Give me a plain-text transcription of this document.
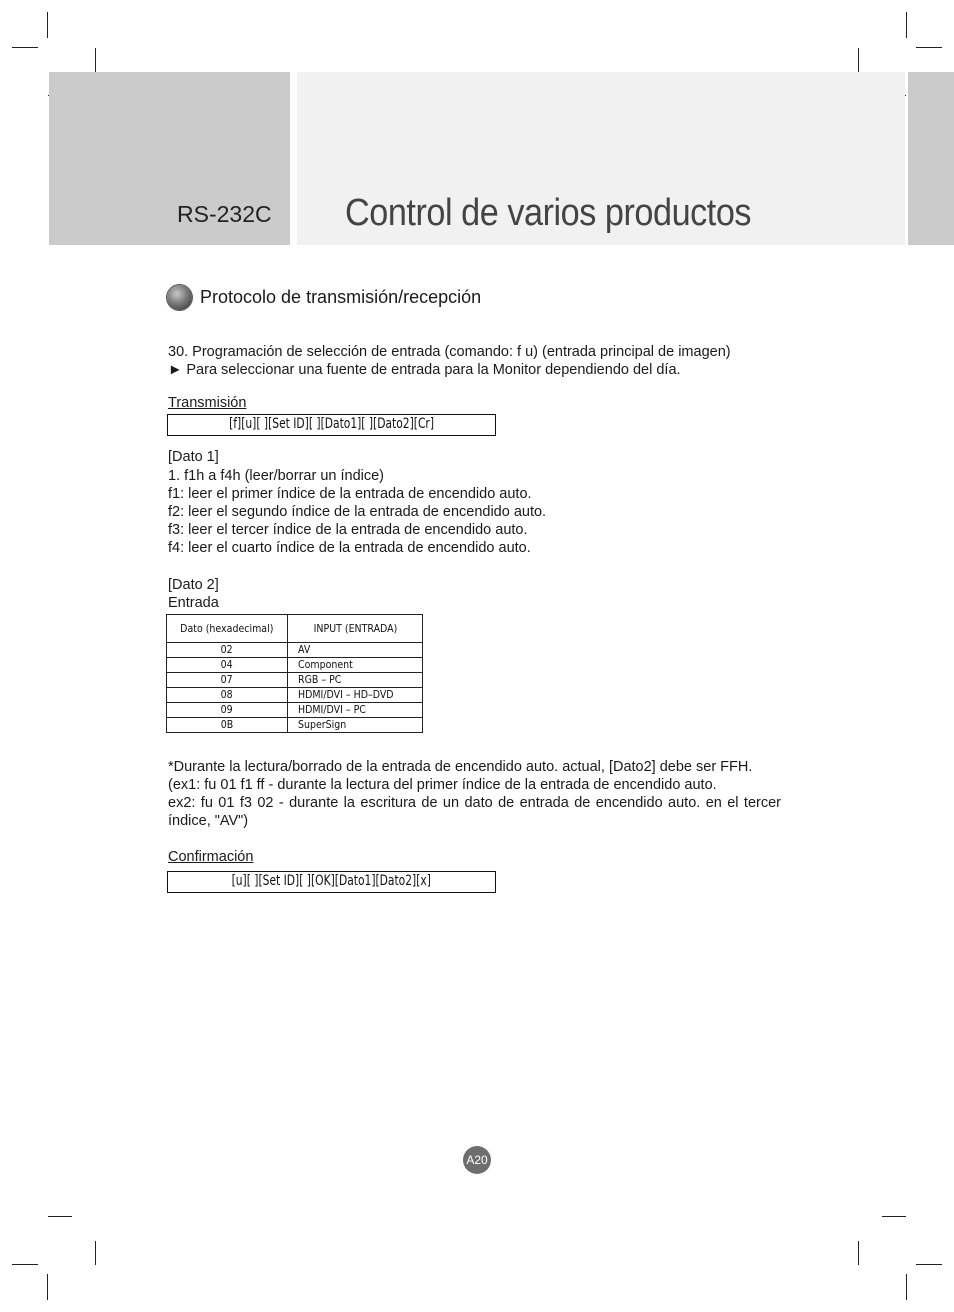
RS-232C Control de varios productos
Protocolo de transmisión/recepción
30. Programación de selección de entrada (comando: f u) (entrada principal de imagen)
► Para seleccionar una fuente de entrada para la Monitor dependiendo del día.
Transmisión
[f][u][ ][Set ID][ ][Dato1][ ][Dato2][Cr]
[Dato 1]
1. f1h a f4h (leer/borrar un índice)
f1: leer el primer índice de la entrada de encendido auto.
f2: leer el segundo índice de la entrada de encendido auto.
f3: leer el tercer índice de la entrada de encendido auto.
f4: leer el cuarto índice de la entrada de encendido auto.
[Dato 2]
Entrada
Dato (hexadecimal)	INPUT (ENTRADA)
02	AV
04	Component
07	RGB – PC
08	HDMI/DVI – HD–DVD
09	HDMI/DVI – PC
0B	SuperSign
*Durante la lectura/borrado de la entrada de encendido auto. actual, [Dato2] debe ser FFH.
(ex1: fu 01 f1 ff - durante la lectura del primer índice de la entrada de encendido auto.
ex2: fu 01 f3 02 - durante la escritura de un dato de entrada de encendido auto. en el tercer índice, "AV")
Confirmación
[u][ ][Set ID][ ][OK][Dato1][Dato2][x]
A20
